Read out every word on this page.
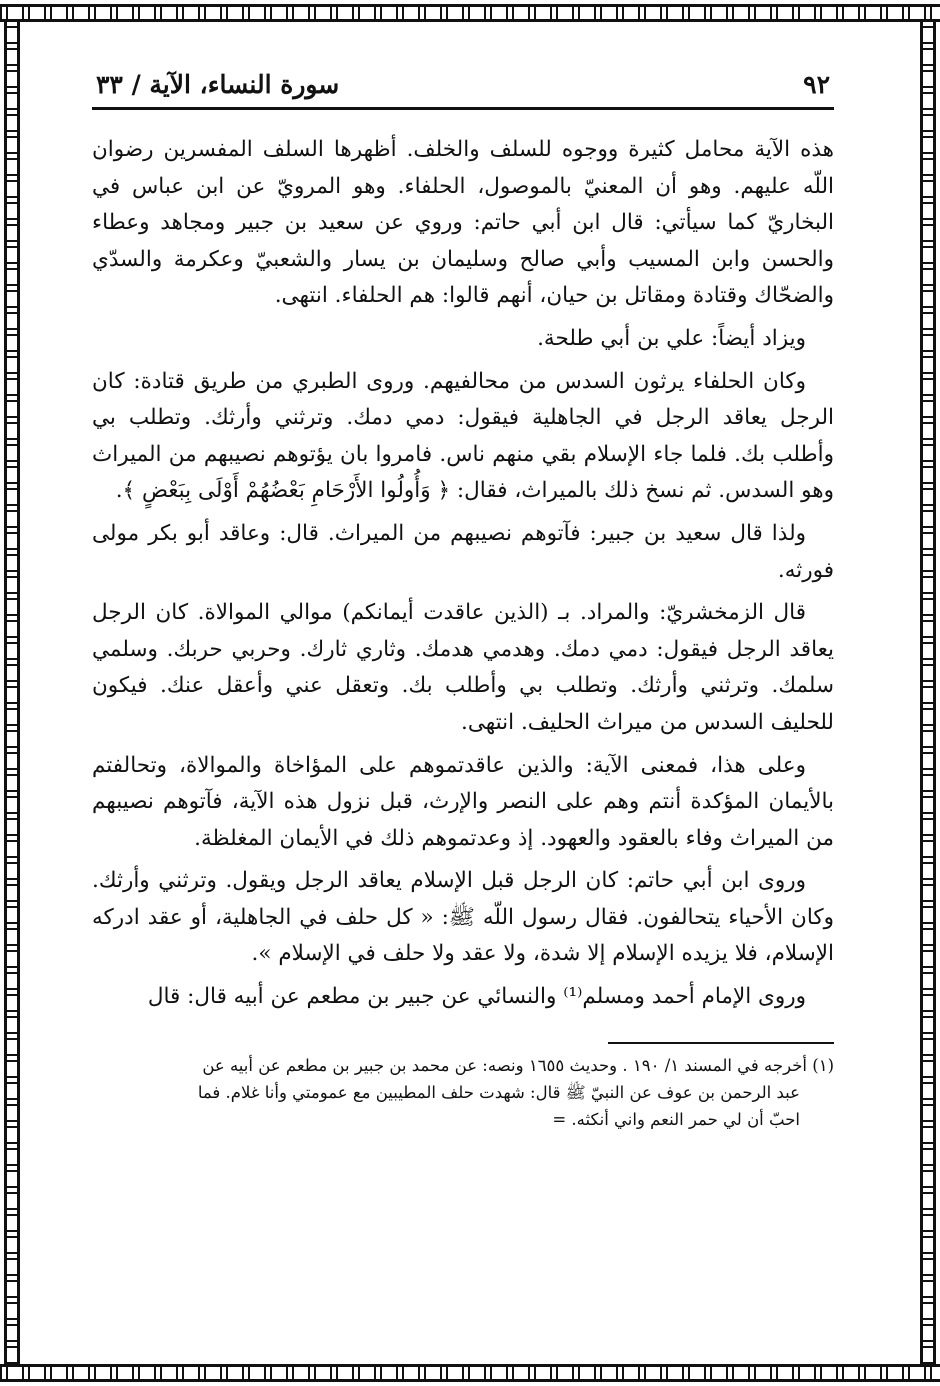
٩٢
سورة النساء، الآية / ٣٣

هذه الآية محامل كثيرة ووجوه للسلف والخلف. أظهرها السلف المفسرين رضوان اللّه عليهم. وهو أن المعنيّ بالموصول، الحلفاء. وهو المرويّ عن ابن عباس في البخاريّ كما سيأتي: قال ابن أبي حاتم: وروي عن سعيد بن جبير ومجاهد وعطاء والحسن وابن المسيب وأبي صالح وسليمان بن يسار والشعبيّ وعكرمة والسدّي والضحّاك وقتادة ومقاتل بن حيان، أنهم قالوا: هم الحلفاء. انتهى.

ويزاد أيضاً: علي بن أبي طلحة.

وكان الحلفاء يرثون السدس من محالفيهم. وروى الطبري من طريق قتادة: كان الرجل يعاقد الرجل في الجاهلية فيقول: دمي دمك. وترثني وأرثك. وتطلب بي وأطلب بك. فلما جاء الإسلام بقي منهم ناس. فامروا بان يؤتوهم نصيبهم من الميراث وهو السدس. ثم نسخ ذلك بالميراث، فقال: ﴿ وَأُولُوا الأَرْحَامِ بَعْضُهُمْ أَوْلَى بِبَعْضٍ ﴾.

ولذا قال سعيد بن جبير: فآتوهم نصيبهم من الميراث. قال: وعاقد أبو بكر مولى فورثه.

قال الزمخشريّ: والمراد. بـ (الذين عاقدت أيمانكم) موالي الموالاة. كان الرجل يعاقد الرجل فيقول: دمي دمك. وهدمي هدمك. وثاري ثارك. وحربي حربك. وسلمي سلمك. وترثني وأرثك. وتطلب بي وأطلب بك. وتعقل عني وأعقل عنك. فيكون للحليف السدس من ميراث الحليف. انتهى.

وعلى هذا، فمعنى الآية: والذين عاقدتموهم على المؤاخاة والموالاة، وتحالفتم بالأيمان المؤكدة أنتم وهم على النصر والإرث، قبل نزول هذه الآية، فآتوهم نصيبهم من الميراث وفاء بالعقود والعهود. إذ وعدتموهم ذلك في الأيمان المغلظة.

وروى ابن أبي حاتم: كان الرجل قبل الإسلام يعاقد الرجل ويقول. وترثني وأرثك. وكان الأحياء يتحالفون. فقال رسول اللّه ﷺ: « كل حلف في الجاهلية، أو عقد ادركه الإسلام، فلا يزيده الإسلام إلا شدة، ولا عقد ولا حلف في الإسلام ».

وروى الإمام أحمد ومسلم⁽¹⁾ والنسائي عن جبير بن مطعم عن أبيه قال: قال

(١) أخرجه في المسند ١/ ١٩٠ . وحديث ١٦٥٥ ونصه: عن محمد بن جبير بن مطعم عن أبيه عن

عبد الرحمن بن عوف عن النبيّ ﷺ قال: شهدت حلف المطيبين مع عمومتي وأنا غلام. فما

احبّ أن لي حمر النعم واني أنكثه. =
